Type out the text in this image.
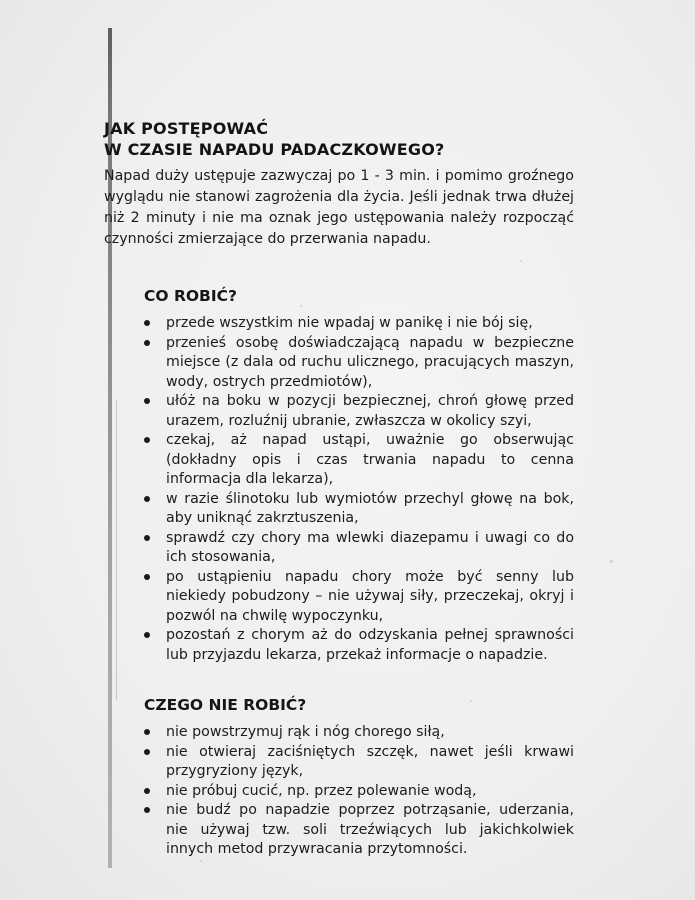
JAK POSTĘPOWAĆ
W CZASIE NAPADU PADACZKOWEGO?

Napad duży ustępuje zazwyczaj po 1 - 3 min. i pomimo groźnego wyglądu nie stanowi zagrożenia dla życia. Jeśli jednak trwa dłużej niż 2 minuty i nie ma oznak jego ustępowania należy rozpocząć czynności zmierzające do przerwania napadu.

CO ROBIĆ?
przede wszystkim nie wpadaj w panikę i nie bój się,
przenieś osobę doświadczającą napadu w bezpieczne miejsce (z dala od ruchu ulicznego, pracujących maszyn, wody, ostrych przedmiotów),
ułóż na boku w pozycji bezpiecznej, chroń głowę przed urazem, rozluźnij ubranie, zwłaszcza w okolicy szyi,
czekaj, aż napad ustąpi, uważnie go obserwując (dokładny opis i czas trwania napadu to cenna informacja dla lekarza),
w razie ślinotoku lub wymiotów przechyl głowę na bok, aby uniknąć zakrztuszenia,
sprawdź czy chory ma wlewki diazepamu i uwagi co do ich stosowania,
po ustąpieniu napadu chory może być senny lub niekiedy pobudzony – nie używaj siły, przeczekaj, okryj i pozwól na chwilę wypoczynku,
pozostań z chorym aż do odzyskania pełnej sprawności lub przyjazdu lekarza, przekaż informacje o napadzie.
CZEGO NIE ROBIĆ?
nie powstrzymuj rąk i nóg chorego siłą,
nie otwieraj zaciśniętych szczęk, nawet jeśli krwawi przygryziony język,
nie próbuj cucić, np. przez polewanie wodą,
nie budź po napadzie poprzez potrząsanie, uderzania, nie używaj tzw. soli trzeźwiących lub jakichkolwiek innych metod przywracania przytomności.
